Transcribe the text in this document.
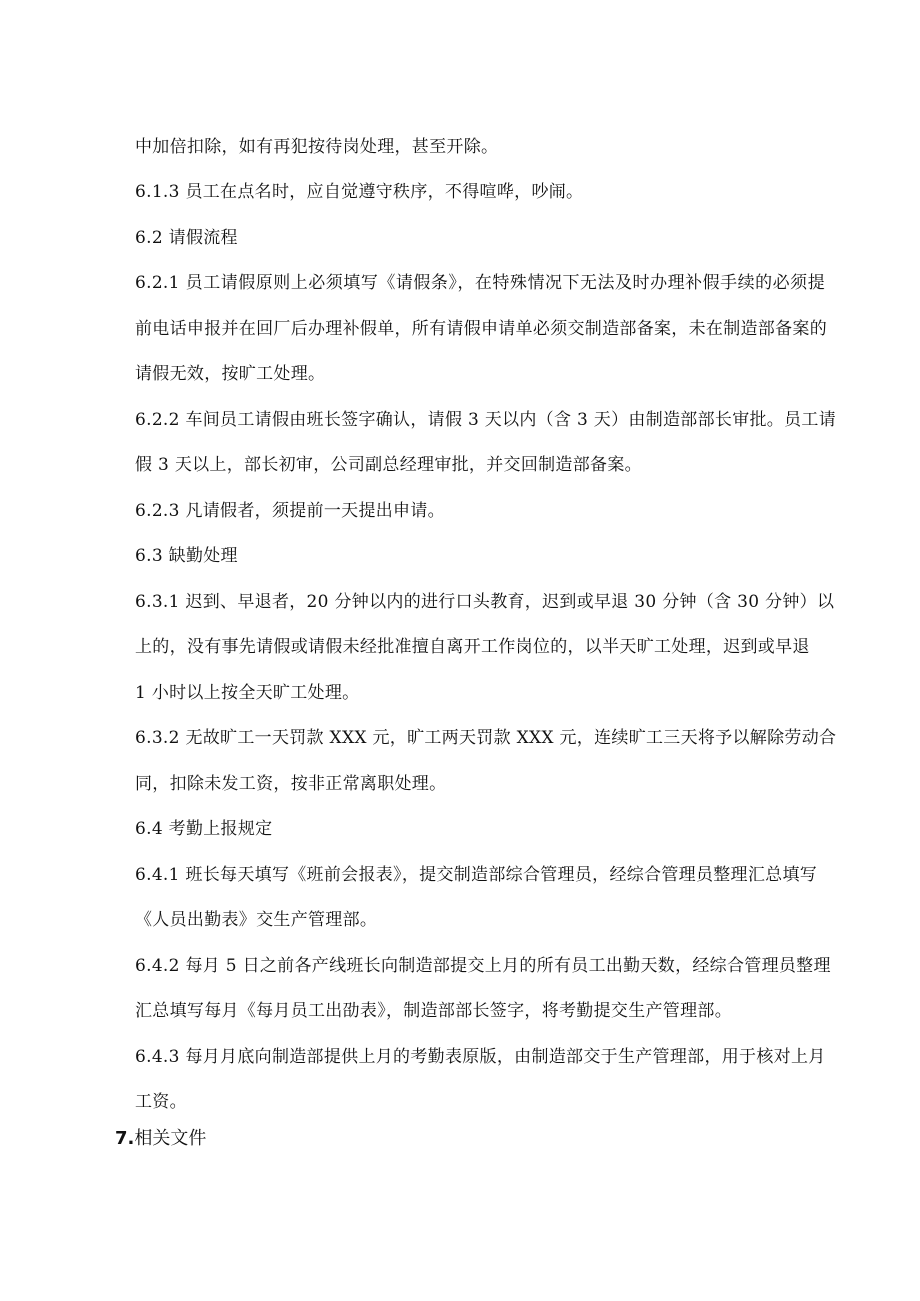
中加倍扣除，如有再犯按待岗处理，甚至开除。
6.1.3 员工在点名时，应自觉遵守秩序，不得喧哗，吵闹。
6.2 请假流程
6.2.1 员工请假原则上必须填写《请假条》，在特殊情况下无法及时办理补假手续的必须提
前电话申报并在回厂后办理补假单，所有请假申请单必须交制造部备案，未在制造部备案的
请假无效，按旷工处理。
6.2.2 车间员工请假由班长签字确认，请假 3 天以内（含 3 天）由制造部部长审批。员工请
假 3 天以上，部长初审，公司副总经理审批，并交回制造部备案。
6.2.3 凡请假者，须提前一天提出申请。
6.3 缺勤处理
6.3.1 迟到、早退者，20 分钟以内的进行口头教育，迟到或早退 30 分钟（含 30 分钟）以
上的，没有事先请假或请假未经批准擅自离开工作岗位的，以半天旷工处理，迟到或早退
1 小时以上按全天旷工处理。
6.3.2 无故旷工一天罚款 XXX 元，旷工两天罚款 XXX 元，连续旷工三天将予以解除劳动合
同，扣除未发工资，按非正常离职处理。
6.4 考勤上报规定
6.4.1 班长每天填写《班前会报表》，提交制造部综合管理员，经综合管理员整理汇总填写
《人员出勤表》交生产管理部。
6.4.2 每月 5 日之前各产线班长向制造部提交上月的所有员工出勤天数，经综合管理员整理
汇总填写每月《每月员工出劭表》，制造部部长签字，将考勤提交生产管理部。
6.4.3 每月月底向制造部提供上月的考勤表原版，由制造部交于生产管理部，用于核对上月
工资。
7.相关文件
